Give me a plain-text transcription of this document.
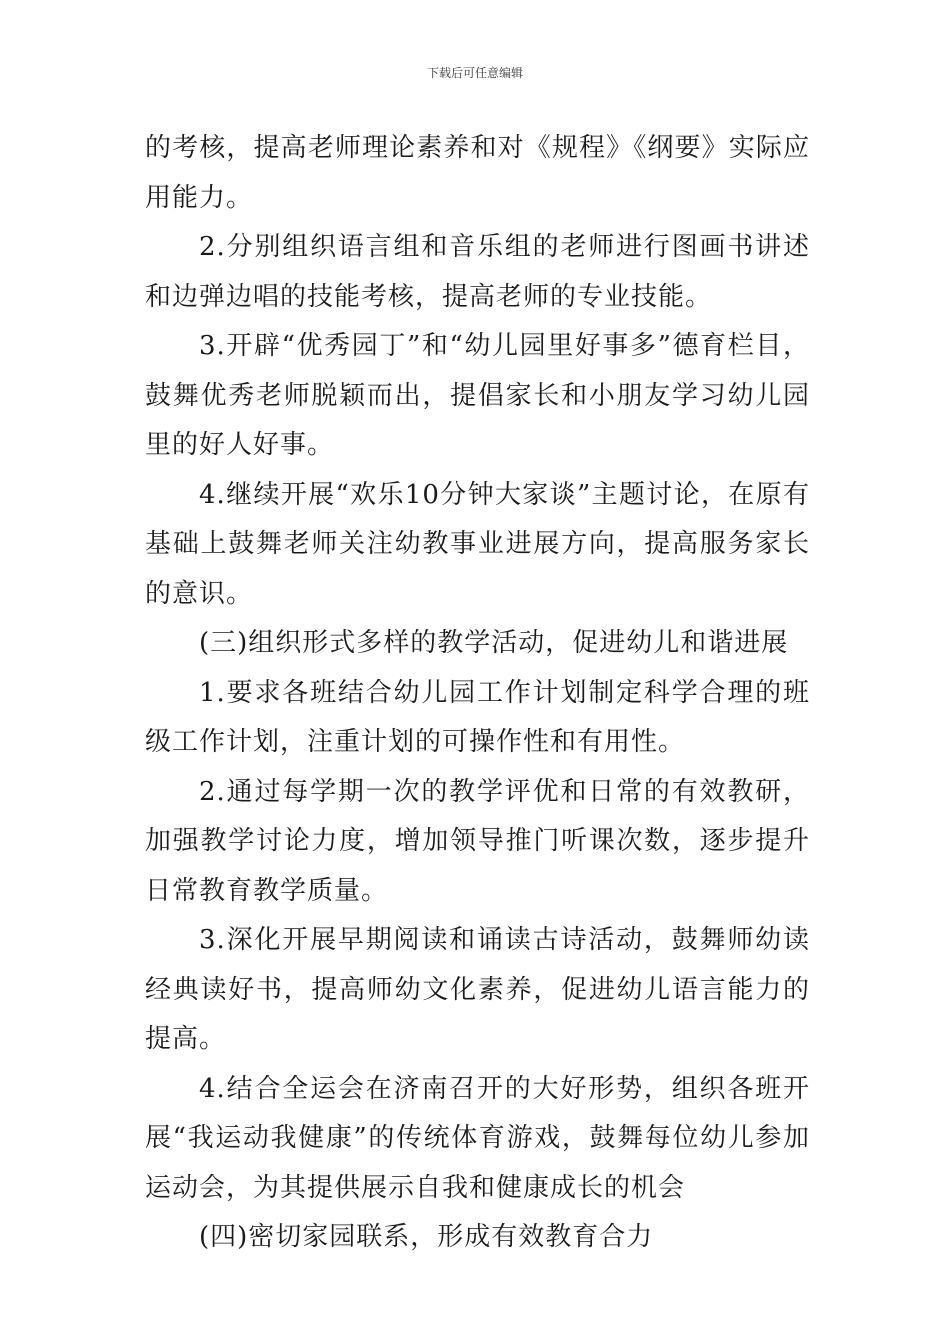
下载后可任意编辑

的考核，提高老师理论素养和对《规程》《纲要》实际应用能力。

2.分别组织语言组和音乐组的老师进行图画书讲述和边弹边唱的技能考核，提高老师的专业技能。

3.开辟“优秀园丁”和“幼儿园里好事多”德育栏目，鼓舞优秀老师脱颖而出，提倡家长和小朋友学习幼儿园里的好人好事。

4.继续开展“欢乐10分钟大家谈”主题讨论，在原有基础上鼓舞老师关注幼教事业进展方向，提高服务家长的意识。

(三)组织形式多样的教学活动，促进幼儿和谐进展

1.要求各班结合幼儿园工作计划制定科学合理的班级工作计划，注重计划的可操作性和有用性。

2.通过每学期一次的教学评优和日常的有效教研，加强教学讨论力度，增加领导推门听课次数，逐步提升日常教育教学质量。

3.深化开展早期阅读和诵读古诗活动，鼓舞师幼读经典读好书，提高师幼文化素养，促进幼儿语言能力的提高。

4.结合全运会在济南召开的大好形势，组织各班开展“我运动我健康”的传统体育游戏，鼓舞每位幼儿参加运动会，为其提供展示自我和健康成长的机会

(四)密切家园联系，形成有效教育合力
